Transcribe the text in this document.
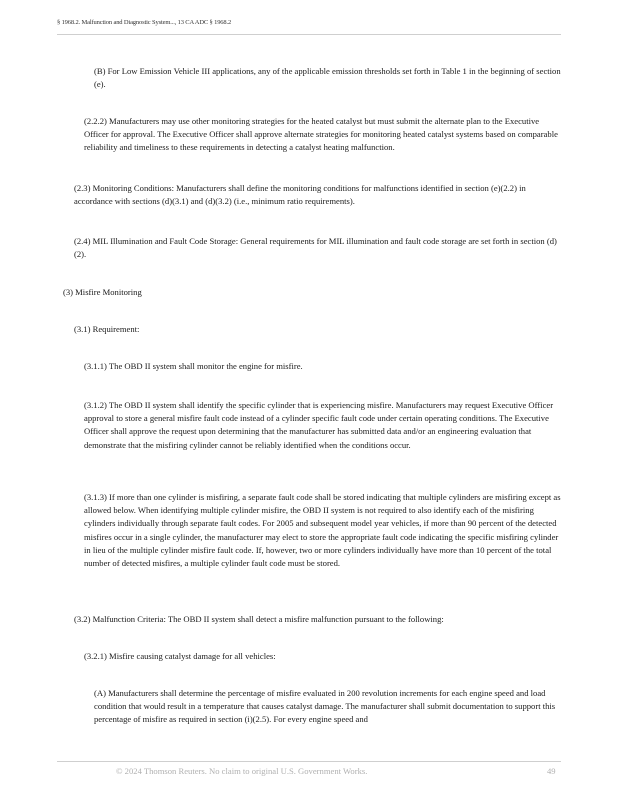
§ 1968.2. Malfunction and Diagnostic System..., 13 CA ADC § 1968.2

(B) For Low Emission Vehicle III applications, any of the applicable emission thresholds set forth in Table 1 in the beginning of section (e).

(2.2.2) Manufacturers may use other monitoring strategies for the heated catalyst but must submit the alternate plan to the Executive Officer for approval. The Executive Officer shall approve alternate strategies for monitoring heated catalyst systems based on comparable reliability and timeliness to these requirements in detecting a catalyst heating malfunction.

(2.3) Monitoring Conditions: Manufacturers shall define the monitoring conditions for malfunctions identified in section (e)(2.2) in accordance with sections (d)(3.1) and (d)(3.2) (i.e., minimum ratio requirements).

(2.4) MIL Illumination and Fault Code Storage: General requirements for MIL illumination and fault code storage are set forth in section (d)(2).

(3) Misfire Monitoring

(3.1) Requirement:

(3.1.1) The OBD II system shall monitor the engine for misfire.

(3.1.2) The OBD II system shall identify the specific cylinder that is experiencing misfire. Manufacturers may request Executive Officer approval to store a general misfire fault code instead of a cylinder specific fault code under certain operating conditions. The Executive Officer shall approve the request upon determining that the manufacturer has submitted data and/or an engineering evaluation that demonstrate that the misfiring cylinder cannot be reliably identified when the conditions occur.

(3.1.3) If more than one cylinder is misfiring, a separate fault code shall be stored indicating that multiple cylinders are misfiring except as allowed below. When identifying multiple cylinder misfire, the OBD II system is not required to also identify each of the misfiring cylinders individually through separate fault codes. For 2005 and subsequent model year vehicles, if more than 90 percent of the detected misfires occur in a single cylinder, the manufacturer may elect to store the appropriate fault code indicating the specific misfiring cylinder in lieu of the multiple cylinder misfire fault code. If, however, two or more cylinders individually have more than 10 percent of the total number of detected misfires, a multiple cylinder fault code must be stored.

(3.2) Malfunction Criteria: The OBD II system shall detect a misfire malfunction pursuant to the following:

(3.2.1) Misfire causing catalyst damage for all vehicles:

(A) Manufacturers shall determine the percentage of misfire evaluated in 200 revolution increments for each engine speed and load condition that would result in a temperature that causes catalyst damage. The manufacturer shall submit documentation to support this percentage of misfire as required in section (i)(2.5). For every engine speed and

© 2024 Thomson Reuters. No claim to original U.S. Government Works.	49
